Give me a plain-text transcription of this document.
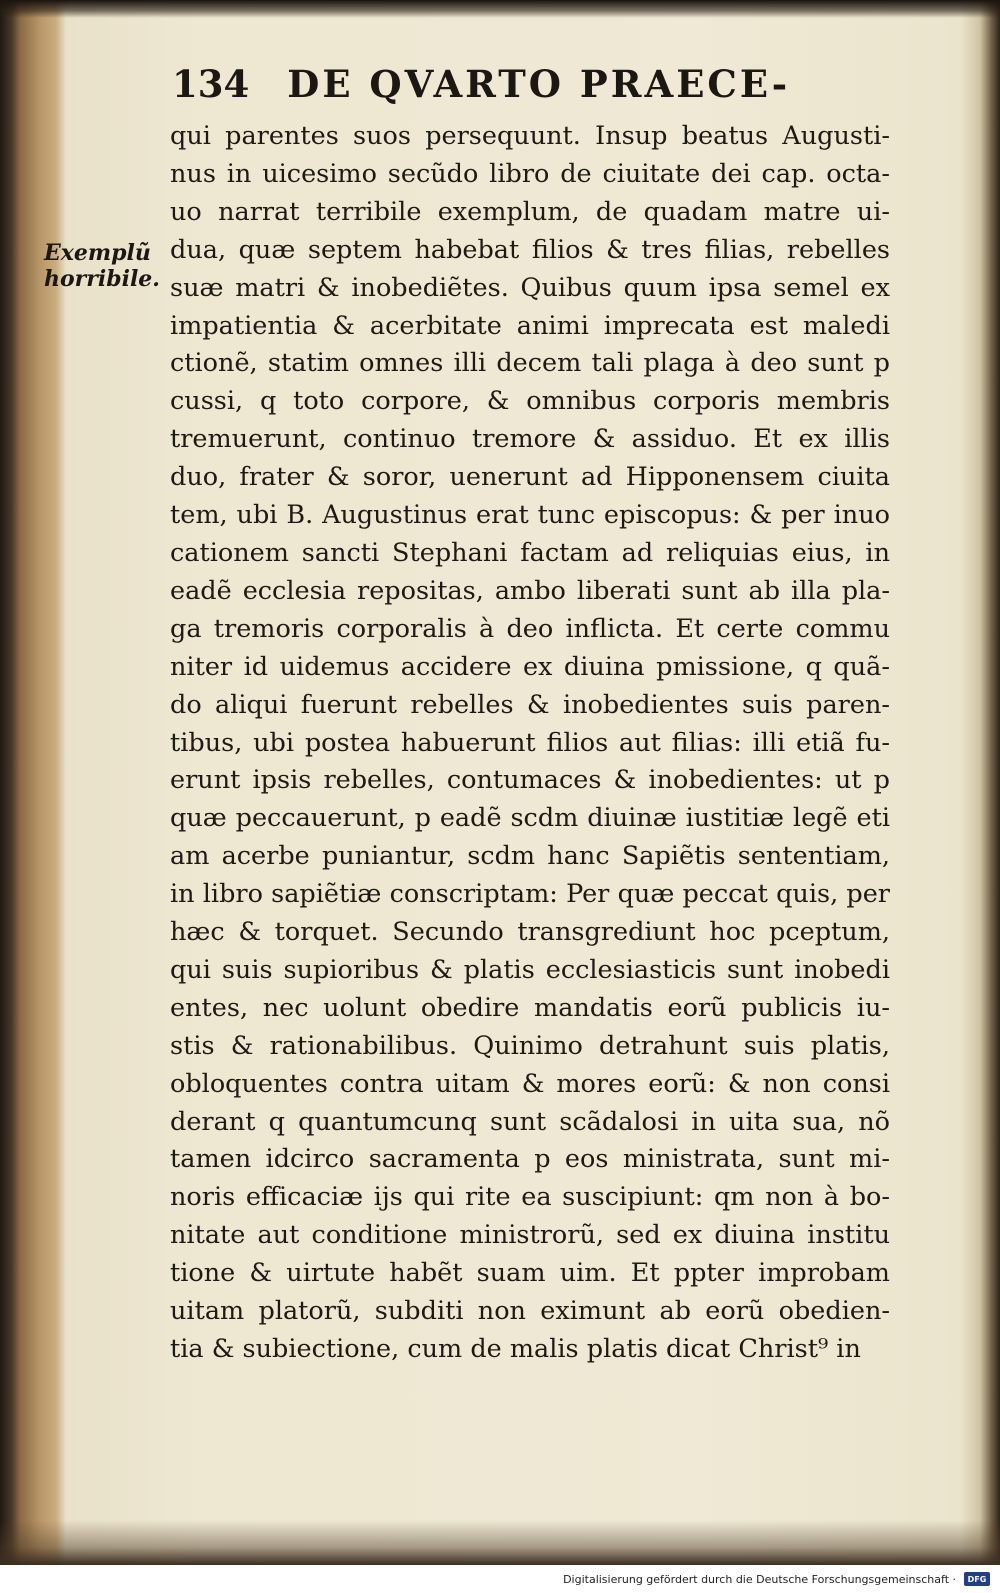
134 DE QVARTO PRAECE-
Exemplũ
horribile.
qui parentes suos persequunt. Insup beatus Augusti-
nus in uicesimo secũdo libro de ciuitate dei cap. octa-
uo narrat terribile exemplum, de quadam matre ui-
dua, quæ septem habebat filios & tres filias, rebelles
suæ matri & inobediẽtes. Quibus quum ipsa semel ex
impatientia & acerbitate animi imprecata est maledi
ctionẽ, statim omnes illi decem tali plaga à deo sunt p
cussi, q toto corpore, & omnibus corporis membris
tremuerunt, continuo tremore & assiduo. Et ex illis
duo, frater & soror, uenerunt ad Hipponensem ciuita
tem, ubi B. Augustinus erat tunc episcopus: & per inuo
cationem sancti Stephani factam ad reliquias eius, in
eadẽ ecclesia repositas, ambo liberati sunt ab illa pla-
ga tremoris corporalis à deo inflicta. Et certe commu
niter id uidemus accidere ex diuina pmissione, q quã-
do aliqui fuerunt rebelles & inobedientes suis paren-
tibus, ubi postea habuerunt filios aut filias: illi etiã fu-
erunt ipsis rebelles, contumaces & inobedientes: ut p
quæ peccauerunt, p eadẽ scdm diuinæ iustitiæ legẽ eti
am acerbe puniantur, scdm hanc Sapiẽtis sententiam,
in libro sapiẽtiæ conscriptam: Per quæ peccat quis, per
hæc & torquet. Secundo transgrediunt hoc pceptum,
qui suis supioribus & platis ecclesiasticis sunt inobedi
entes, nec uolunt obedire mandatis eorũ publicis iu-
stis & rationabilibus. Quinimo detrahunt suis platis,
obloquentes contra uitam & mores eorũ: & non consi
derant q quantumcunq sunt scãdalosi in uita sua, nõ
tamen idcirco sacramenta p eos ministrata, sunt mi-
noris efficaciæ ijs qui rite ea suscipiunt: qm non à bo-
nitate aut conditione ministrorũ, sed ex diuina institu
tione & uirtute habẽt suam uim. Et ppter improbam
uitam platorũ, subditi non eximunt ab eorũ obedien-
tia & subiectione, cum de malis platis dicat Christ⁹ in
Digitalisierung gefördert durch die Deutsche Forschungsgemeinschaft ·	DFG
